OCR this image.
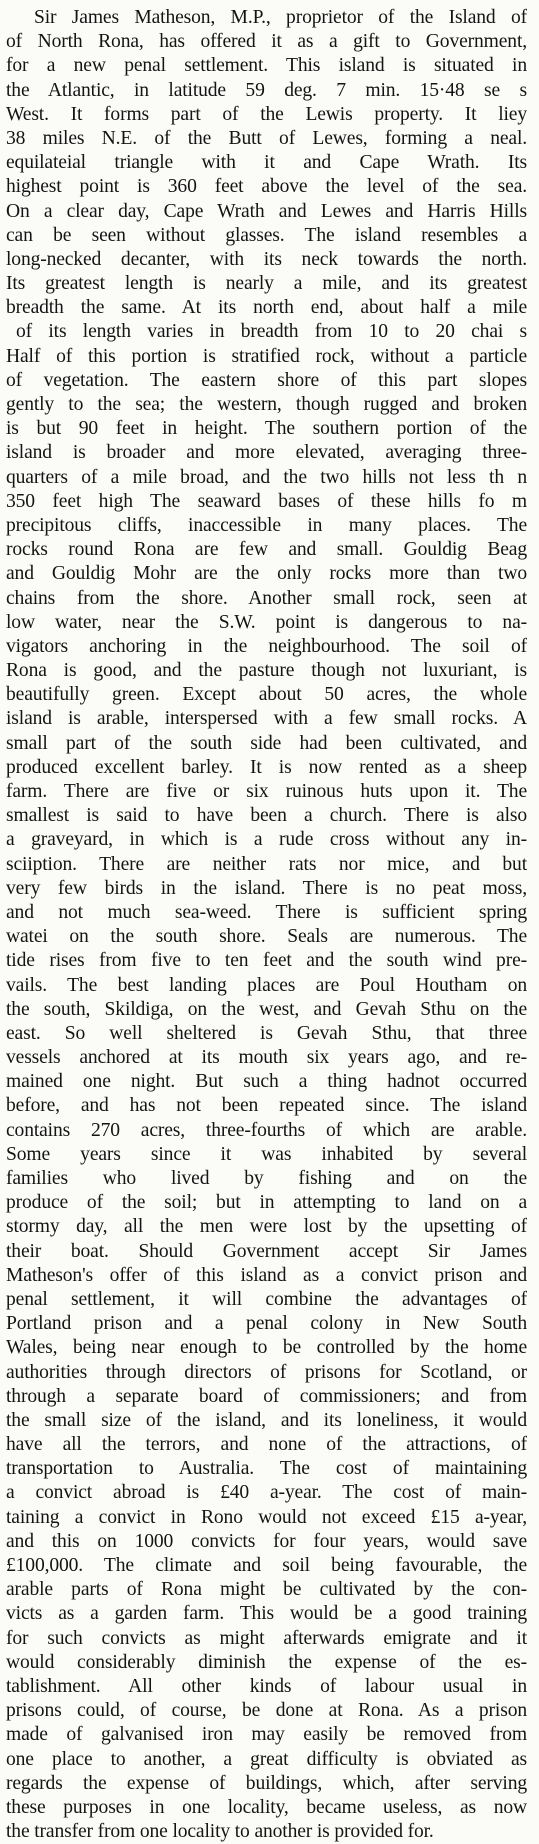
Sir James Matheson, M.P., proprietor of the Island of
of North Rona, has offered it as a gift to Government,
for a new penal settlement. This island is situated in
the Atlantic, in latitude 59 deg. 7 min. 15·48 se s
West. It forms part of the Lewis property. It liey
38 miles N.E. of the Butt of Lewes, forming a neal.
equilateial triangle with it and Cape Wrath. Its
highest point is 360 feet above the level of the sea.
On a clear day, Cape Wrath and Lewes and Harris Hills
can be seen without glasses. The island resembles a
long-necked decanter, with its neck towards the north.
Its greatest length is nearly a mile, and its greatest
breadth the same. At its north end, about half a mile
of its length varies in breadth from 10 to 20 chai s
Half of this portion is stratified rock, without a particle
of vegetation. The eastern shore of this part slopes
gently to the sea; the western, though rugged and broken
is but 90 feet in height. The southern portion of the
island is broader and more elevated, averaging three-
quarters of a mile broad, and the two hills not less th n
350 feet high The seaward bases of these hills fo m
precipitous cliffs, inaccessible in many places. The
rocks round Rona are few and small. Gouldig Beag
and Gouldig Mohr are the only rocks more than two
chains from the shore. Another small rock, seen at
low water, near the S.W. point is dangerous to na-
vigators anchoring in the neighbourhood. The soil of
Rona is good, and the pasture though not luxuriant, is
beautifully green. Except about 50 acres, the whole
island is arable, interspersed with a few small rocks. A
small part of the south side had been cultivated, and
produced excellent barley. It is now rented as a sheep
farm. There are five or six ruinous huts upon it. The
smallest is said to have been a church. There is also
a graveyard, in which is a rude cross without any in-
sciiption. There are neither rats nor mice, and but
very few birds in the island. There is no peat moss,
and not much sea-weed. There is sufficient spring
watei on the south shore. Seals are numerous. The
tide rises from five to ten feet and the south wind pre-
vails. The best landing places are Poul Houtham on
the south, Skildiga, on the west, and Gevah Sthu on the
east. So well sheltered is Gevah Sthu, that three
vessels anchored at its mouth six years ago, and re-
mained one night. But such a thing hadnot occurred
before, and has not been repeated since. The island
contains 270 acres, three-fourths of which are arable.
Some years since it was inhabited by several
families who lived by fishing and on the
produce of the soil; but in attempting to land on a
stormy day, all the men were lost by the upsetting of
their boat. Should Government accept Sir James
Matheson's offer of this island as a convict prison and
penal settlement, it will combine the advantages of
Portland prison and a penal colony in New South
Wales, being near enough to be controlled by the home
authorities through directors of prisons for Scotland, or
through a separate board of commissioners; and from
the small size of the island, and its loneliness, it would
have all the terrors, and none of the attractions, of
transportation to Australia. The cost of maintaining
a convict abroad is £40 a-year. The cost of main-
taining a convict in Rono would not exceed £15 a-year,
and this on 1000 convicts for four years, would save
£100,000. The climate and soil being favourable, the
arable parts of Rona might be cultivated by the con-
victs as a garden farm. This would be a good training
for such convicts as might afterwards emigrate and it
would considerably diminish the expense of the es-
tablishment. All other kinds of labour usual in
prisons could, of course, be done at Rona. As a prison
made of galvanised iron may easily be removed from
one place to another, a great difficulty is obviated as
regards the expense of buildings, which, after serving
these purposes in one locality, became useless, as now
the transfer from one locality to another is provided for.
